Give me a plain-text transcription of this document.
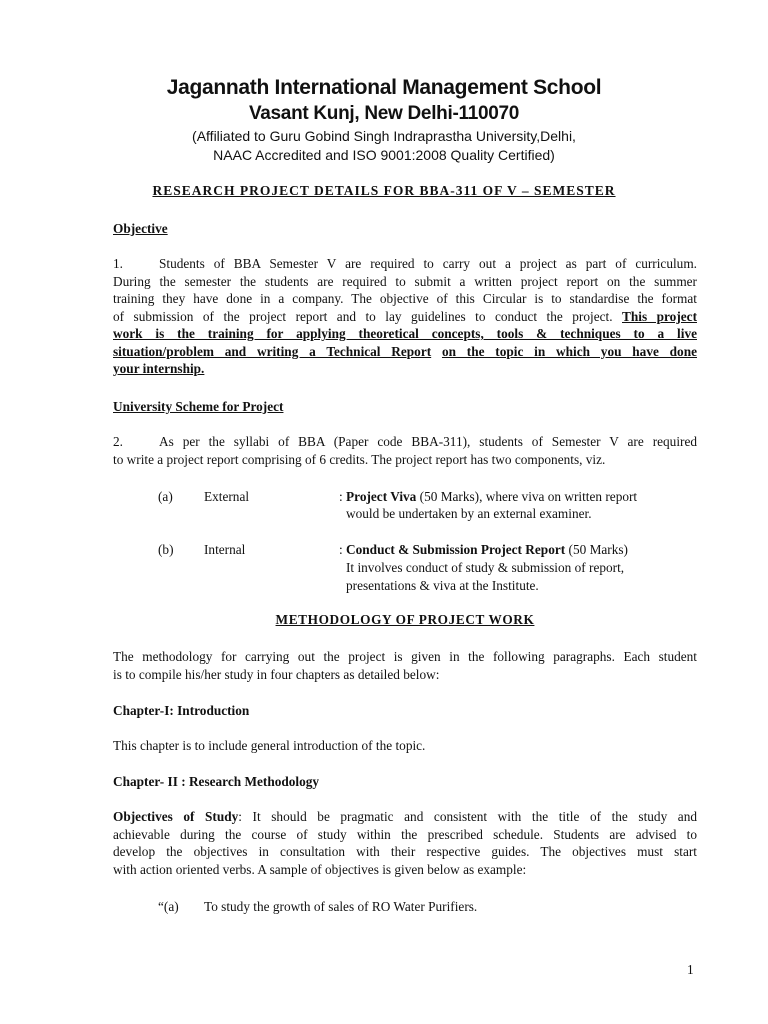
Jagannath International Management School
Vasant Kunj, New Delhi-110070
(Affiliated to Guru Gobind Singh Indraprastha University,Delhi,
NAAC Accredited and ISO 9001:2008 Quality Certified)
RESEARCH PROJECT DETAILS FOR BBA-311 OF V – SEMESTER
Objective
1.	Students of BBA Semester V are required to carry out a project as part of curriculum.
During the semester the students are required to submit a written project report on the summer
training they have done in a company. The objective of this Circular is to standardise the format
of submission of the project report and to lay guidelines to conduct the project. This project
work is the training for applying theoretical concepts, tools & techniques to a live
situation/problem and writing a Technical Report on the topic in which you have done
your internship.
University Scheme for Project
2.	As per the syllabi of BBA (Paper code BBA-311), students of Semester V are required
to write a project report comprising of 6 credits. The project report has two components, viz.
(a) External	: Project Viva (50 Marks), where viva on written report
would be undertaken by an external examiner.
(b) Internal	: Conduct & Submission Project Report (50 Marks)
It involves conduct of study & submission of report,
presentations & viva at the Institute.
METHODOLOGY OF PROJECT WORK
The methodology for carrying out the project is given in the following paragraphs. Each student
is to compile his/her study in four chapters as detailed below:
Chapter-I: Introduction
This chapter is to include general introduction of the topic.
Chapter- II : Research Methodology
Objectives of Study: It should be pragmatic and consistent with the title of the study and
achievable during the course of study within the prescribed schedule. Students are advised to
develop the objectives in consultation with their respective guides. The objectives must start
with action oriented verbs. A sample of objectives is given below as example:
“(a) To study the growth of sales of RO Water Purifiers.
1
